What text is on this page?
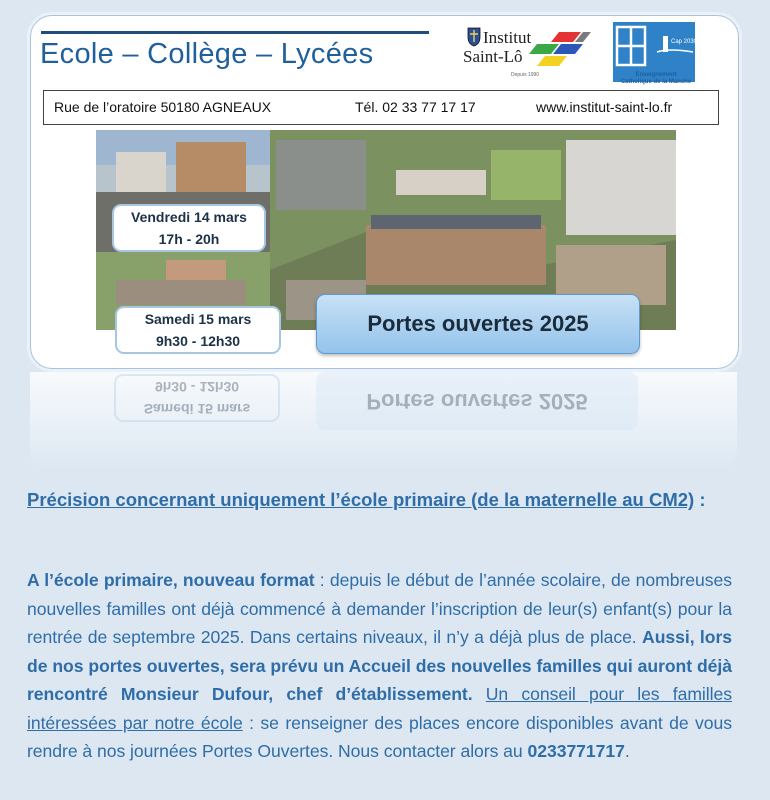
Ecole – Collège – Lycées
Institut
Saint-Lô
Depuis 1990
Cap 2030
Enseignement Catholique de la Manche
Rue de l’oratoire 50180 AGNEAUX	Tél. 02 33 77 17 17	www.institut-saint-lo.fr
Vendredi 14 mars
17h - 20h
Samedi 15 mars
9h30 - 12h30
Portes ouvertes 2025
Samedi 15 mars
9h30 - 12h30
Portes ouvertes 2025
Précision concernant uniquement l’école primaire (de la maternelle au CM2) :
A l’école primaire, nouveau format : depuis le début de l’année scolaire, de nombreuses nouvelles familles ont déjà commencé à demander l’inscription de leur(s) enfant(s) pour la rentrée de septembre 2025. Dans certains niveaux, il n’y a déjà plus de place. Aussi, lors de nos portes ouvertes, sera prévu un Accueil des nouvelles familles qui auront déjà rencontré Monsieur Dufour, chef d’établissement. Un conseil pour les familles intéressées par notre école : se renseigner des places encore disponibles avant de vous rendre à nos journées Portes Ouvertes. Nous contacter alors au 0233771717.
